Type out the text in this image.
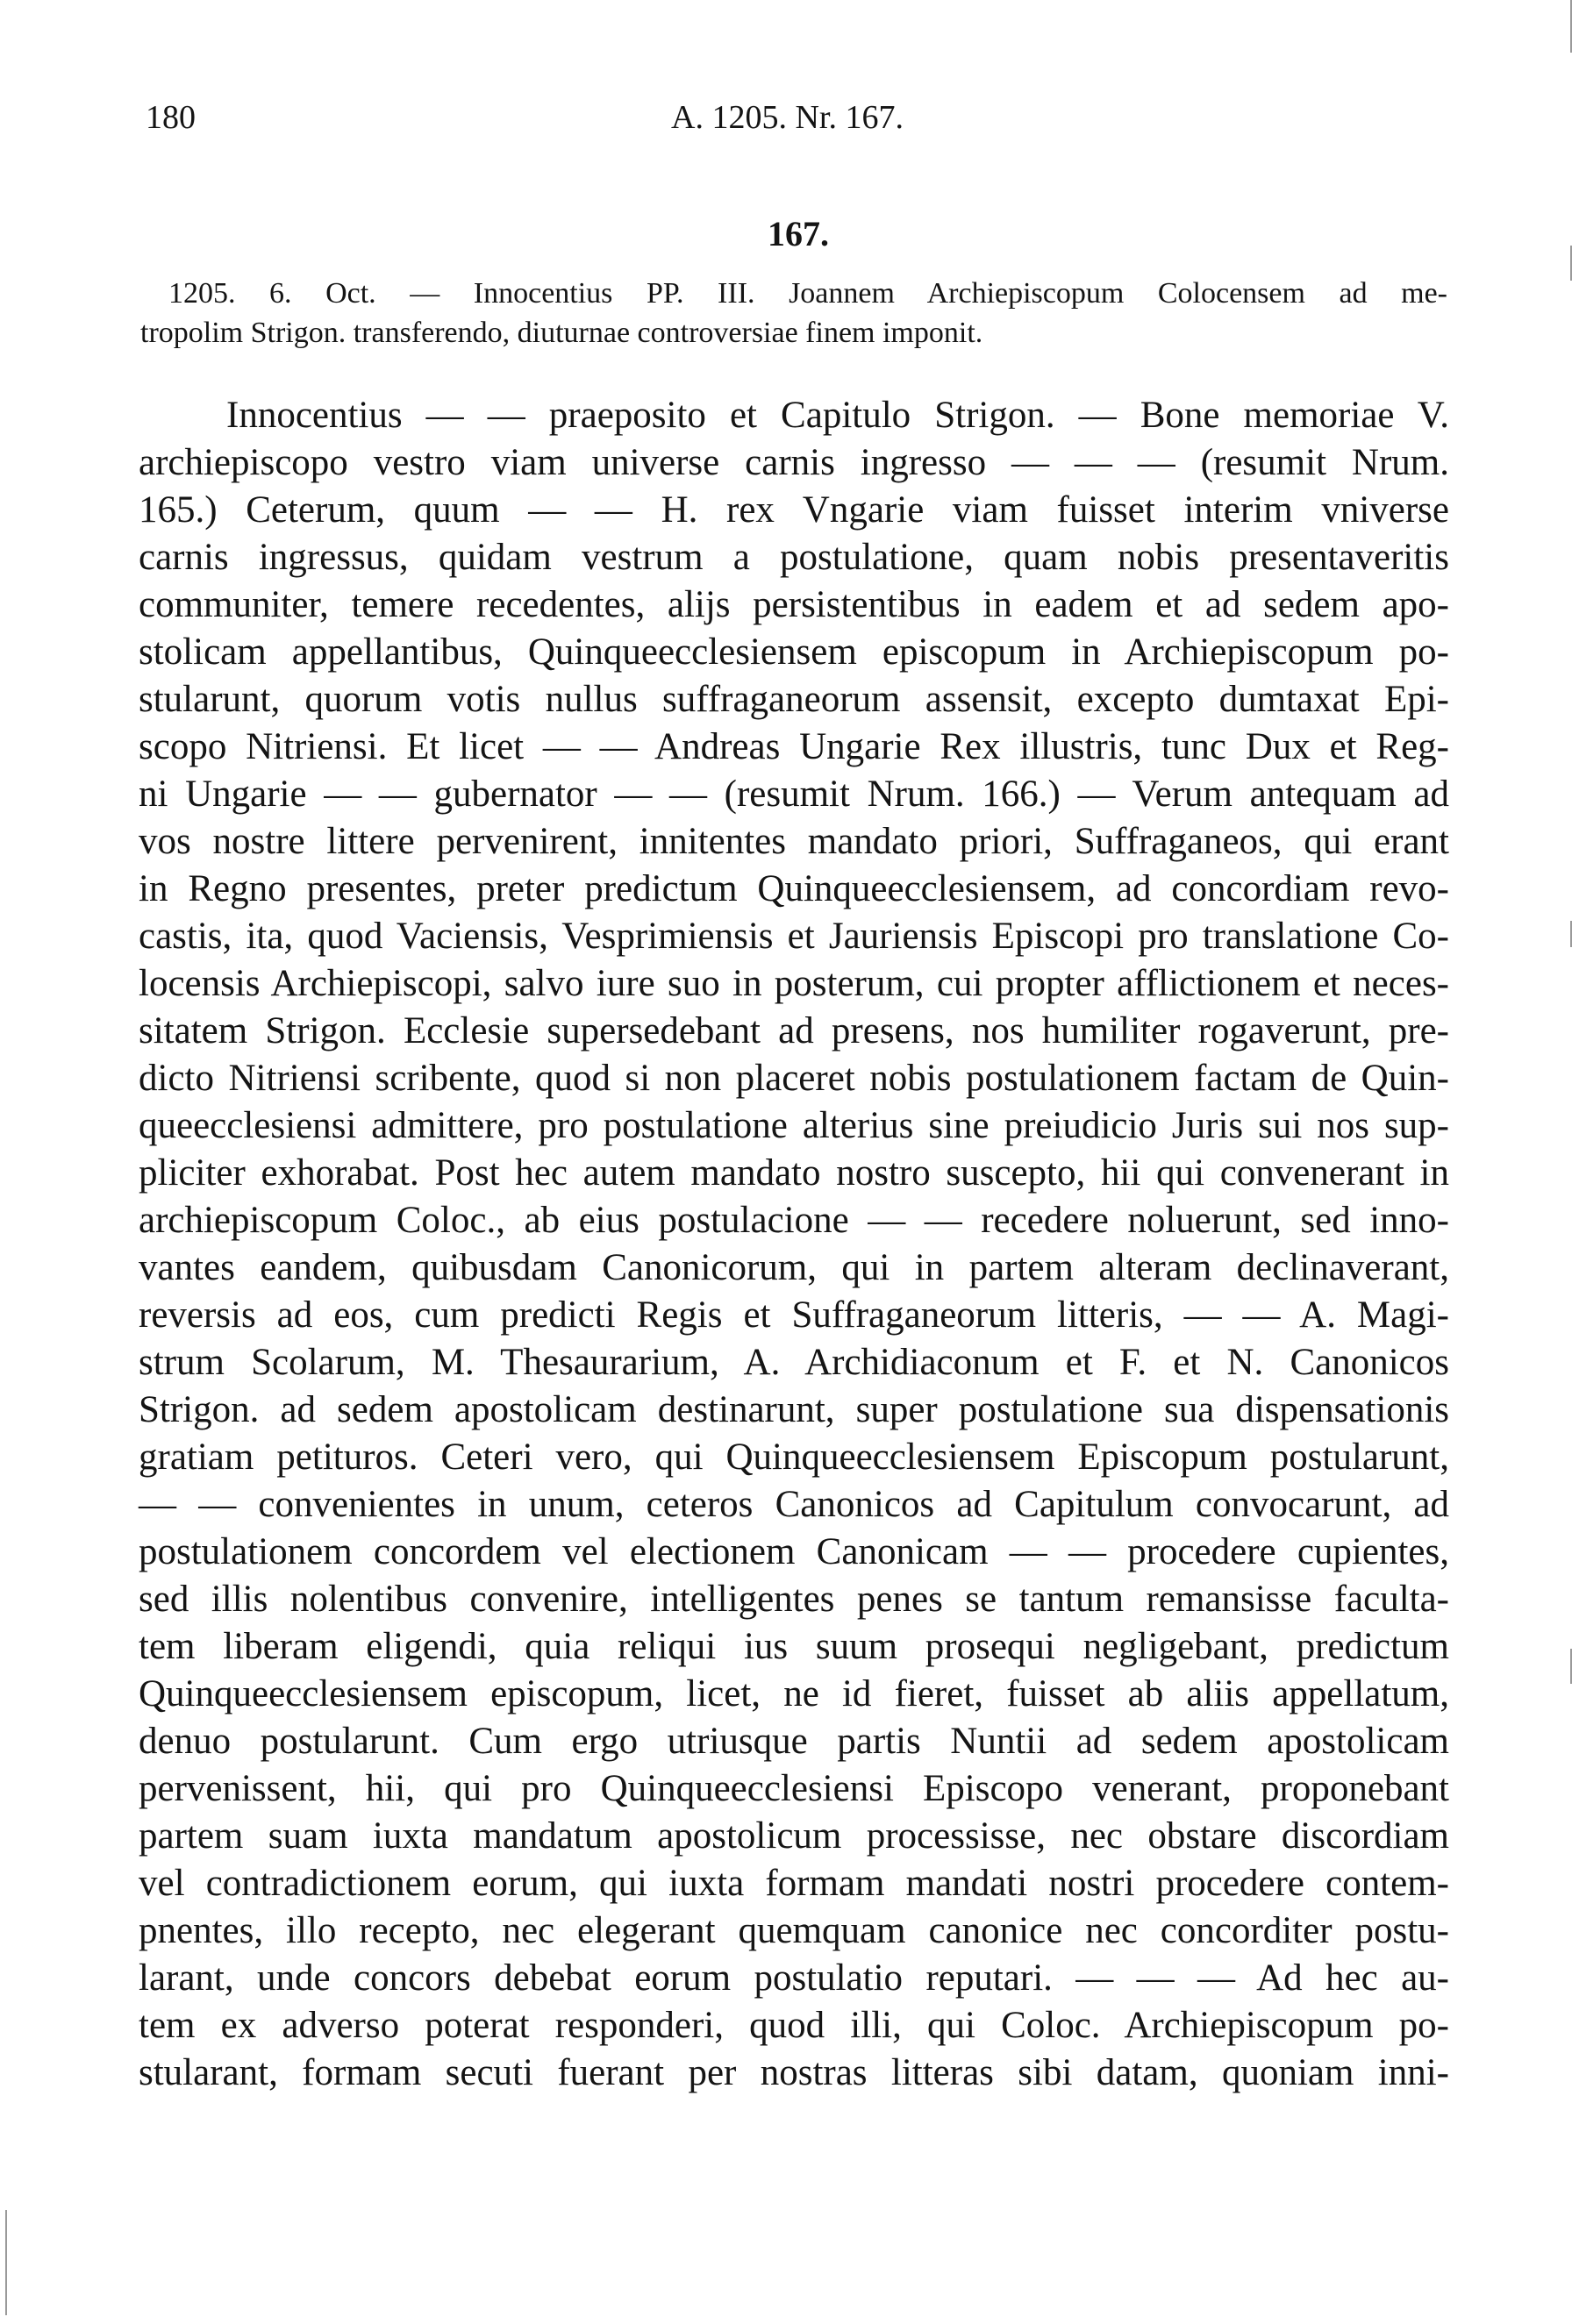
180	A. 1205. Nr. 167.
167.
1205. 6. Oct. — Innocentius PP. III. Joannem Archiepiscopum Colocensem ad me-
tropolim Strigon. transferendo, diuturnae controversiae finem imponit.
Innocentius — — praeposito et Capitulo Strigon. — Bone memoriae V.
archiepiscopo vestro viam universe carnis ingresso — — — (resumit Nrum.
165.) Ceterum, quum — — H. rex Vngarie viam fuisset interim vniverse
carnis ingressus, quidam vestrum a postulatione, quam nobis presentaveritis
communiter, temere recedentes, alijs persistentibus in eadem et ad sedem apo-
stolicam appellantibus, Quinqueecclesiensem episcopum in Archiepiscopum po-
stularunt, quorum votis nullus suffraganeorum assensit, excepto dumtaxat Epi-
scopo Nitriensi. Et licet — — Andreas Ungarie Rex illustris, tunc Dux et Reg-
ni Ungarie — — gubernator — — (resumit Nrum. 166.) — Verum antequam ad
vos nostre littere pervenirent, innitentes mandato priori, Suffraganeos, qui erant
in Regno presentes, preter predictum Quinqueecclesiensem, ad concordiam revo-
castis, ita, quod Vaciensis, Vesprimiensis et Jauriensis Episcopi pro translatione Co-
locensis Archiepiscopi, salvo iure suo in posterum, cui propter afflictionem et neces-
sitatem Strigon. Ecclesie supersedebant ad presens, nos humiliter rogaverunt, pre-
dicto Nitriensi scribente, quod si non placeret nobis postulationem factam de Quin-
queecclesiensi admittere, pro postulatione alterius sine preiudicio Juris sui nos sup-
pliciter exhorabat. Post hec autem mandato nostro suscepto, hii qui convenerant in
archiepiscopum Coloc., ab eius postulacione — — recedere noluerunt, sed inno-
vantes eandem, quibusdam Canonicorum, qui in partem alteram declinaverant,
reversis ad eos, cum predicti Regis et Suffraganeorum litteris, — — A. Magi-
strum Scolarum, M. Thesaurarium, A. Archidiaconum et F. et N. Canonicos
Strigon. ad sedem apostolicam destinarunt, super postulatione sua dispensationis
gratiam petituros. Ceteri vero, qui Quinqueecclesiensem Episcopum postularunt,
— — convenientes in unum, ceteros Canonicos ad Capitulum convocarunt, ad
postulationem concordem vel electionem Canonicam — — procedere cupientes,
sed illis nolentibus convenire, intelligentes penes se tantum remansisse faculta-
tem liberam eligendi, quia reliqui ius suum prosequi negligebant, predictum
Quinqueecclesiensem episcopum, licet, ne id fieret, fuisset ab aliis appellatum,
denuo postularunt. Cum ergo utriusque partis Nuntii ad sedem apostolicam
pervenissent, hii, qui pro Quinqueecclesiensi Episcopo venerant, proponebant
partem suam iuxta mandatum apostolicum processisse, nec obstare discordiam
vel contradictionem eorum, qui iuxta formam mandati nostri procedere contem-
pnentes, illo recepto, nec elegerant quemquam canonice nec concorditer postu-
larant, unde concors debebat eorum postulatio reputari. — — — Ad hec au-
tem ex adverso poterat responderi, quod illi, qui Coloc. Archiepiscopum po-
stularant, formam secuti fuerant per nostras litteras sibi datam, quoniam inni-
